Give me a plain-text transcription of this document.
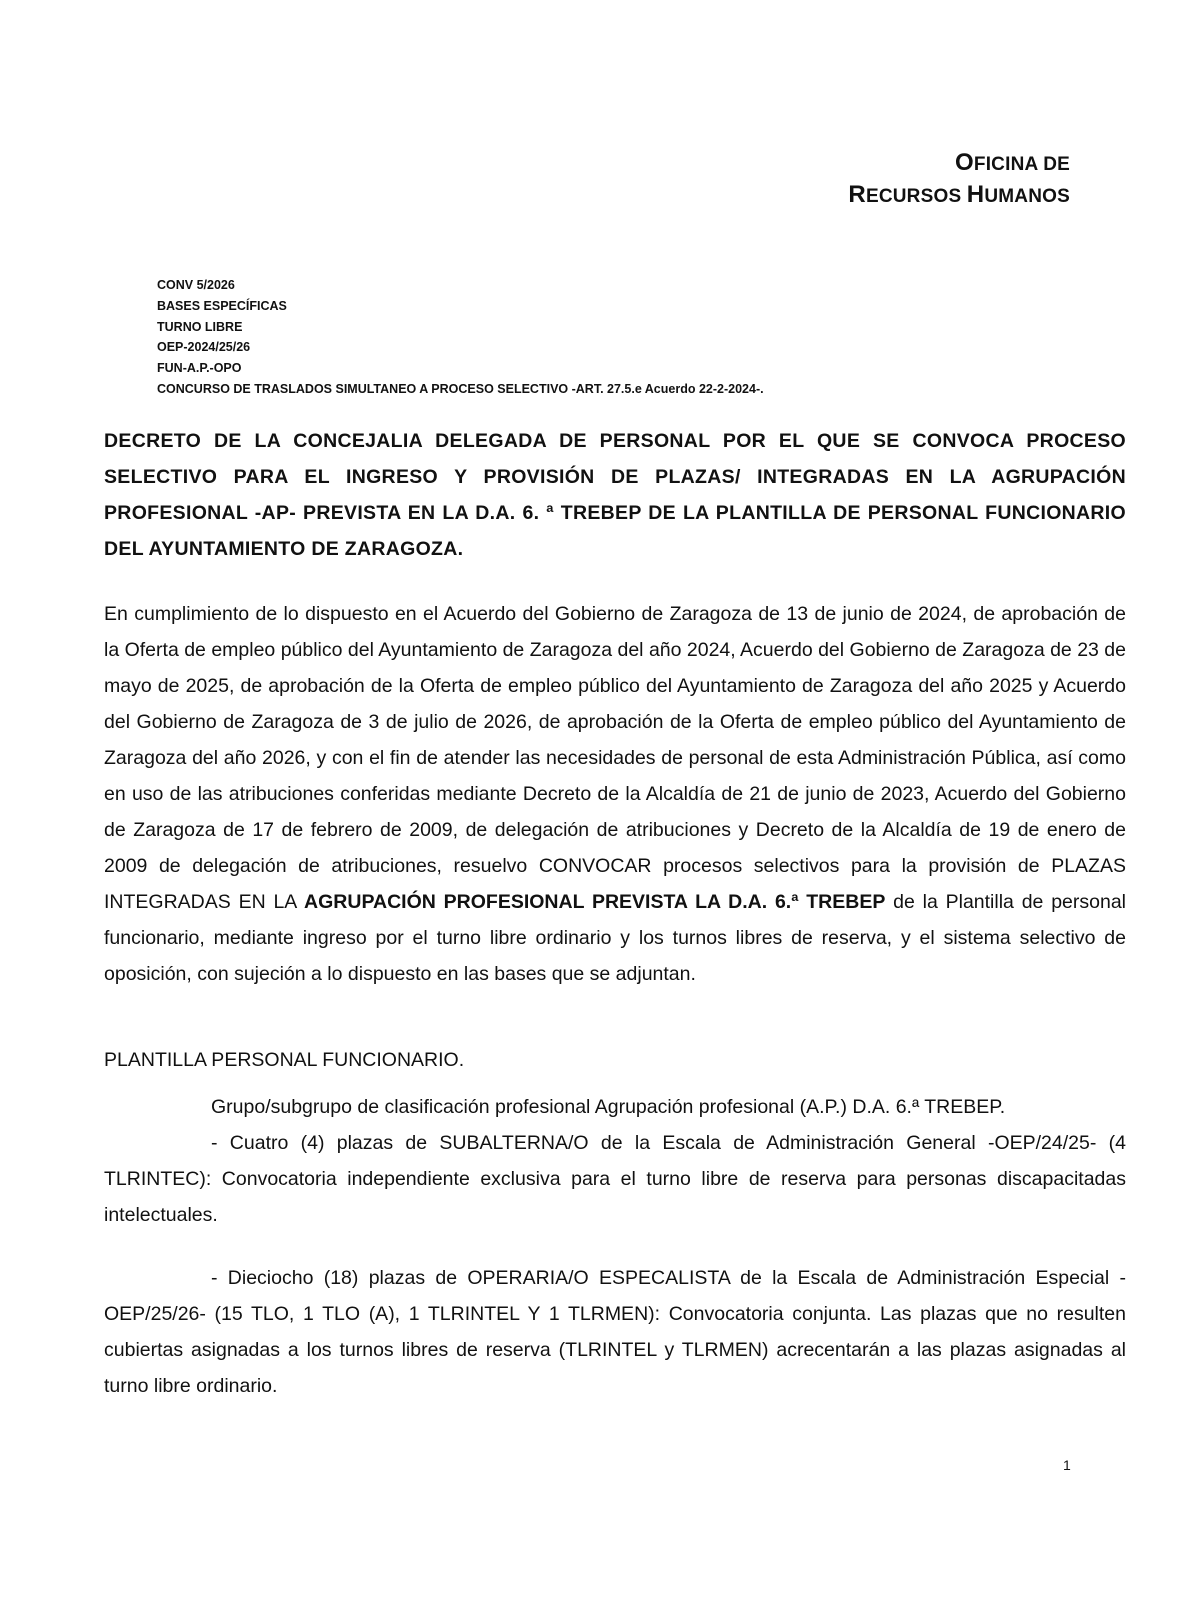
OFICINA DE
RECURSOS HUMANOS
CONV 5/2026
BASES ESPECÍFICAS
TURNO LIBRE
OEP-2024/25/26
FUN-A.P.-OPO
CONCURSO DE TRASLADOS SIMULTANEO A PROCESO SELECTIVO -ART. 27.5.e Acuerdo 22-2-2024-.
DECRETO DE LA CONCEJALIA DELEGADA DE PERSONAL POR EL QUE SE CONVOCA PROCESO SELECTIVO PARA EL INGRESO Y PROVISIÓN DE PLAZAS/ INTEGRADAS EN LA AGRUPACIÓN PROFESIONAL -AP- PREVISTA EN LA D.A. 6. ª TREBEP DE LA PLANTILLA DE PERSONAL FUNCIONARIO DEL AYUNTAMIENTO DE ZARAGOZA.
En cumplimiento de lo dispuesto en el Acuerdo del Gobierno de Zaragoza de 13 de junio de 2024, de aprobación de la Oferta de empleo público del Ayuntamiento de Zaragoza del año 2024, Acuerdo del Gobierno de Zaragoza de 23 de mayo de 2025, de aprobación de la Oferta de empleo público del Ayuntamiento de Zaragoza del año 2025 y Acuerdo del Gobierno de Zaragoza de 3 de julio de 2026, de aprobación de la Oferta de empleo público del Ayuntamiento de Zaragoza del año 2026, y con el fin de atender las necesidades de personal de esta Administración Pública, así como en uso de las atribuciones conferidas mediante Decreto de la Alcaldía de 21 de junio de 2023, Acuerdo del Gobierno de Zaragoza de 17 de febrero de 2009, de delegación de atribuciones y Decreto de la Alcaldía de 19 de enero de 2009 de delegación de atribuciones, resuelvo CONVOCAR procesos selectivos para la provisión de PLAZAS INTEGRADAS EN LA AGRUPACIÓN PROFESIONAL PREVISTA LA D.A. 6.ª TREBEP de la Plantilla de personal funcionario, mediante ingreso por el turno libre ordinario y los turnos libres de reserva, y el sistema selectivo de oposición, con sujeción a lo dispuesto en las bases que se adjuntan.
PLANTILLA PERSONAL FUNCIONARIO.
Grupo/subgrupo de clasificación profesional Agrupación profesional (A.P.) D.A. 6.ª TREBEP.
- Cuatro (4) plazas de SUBALTERNA/O de la Escala de Administración General -OEP/24/25- (4 TLRINTEC): Convocatoria independiente exclusiva para el turno libre de reserva para personas discapacitadas intelectuales.
- Dieciocho (18) plazas de OPERARIA/O ESPECALISTA de la Escala de Administración Especial -OEP/25/26- (15 TLO, 1 TLO (A), 1 TLRINTEL Y 1 TLRMEN): Convocatoria conjunta. Las plazas que no resulten cubiertas asignadas a los turnos libres de reserva (TLRINTEL y TLRMEN) acrecentarán a las plazas asignadas al turno libre ordinario.
1
